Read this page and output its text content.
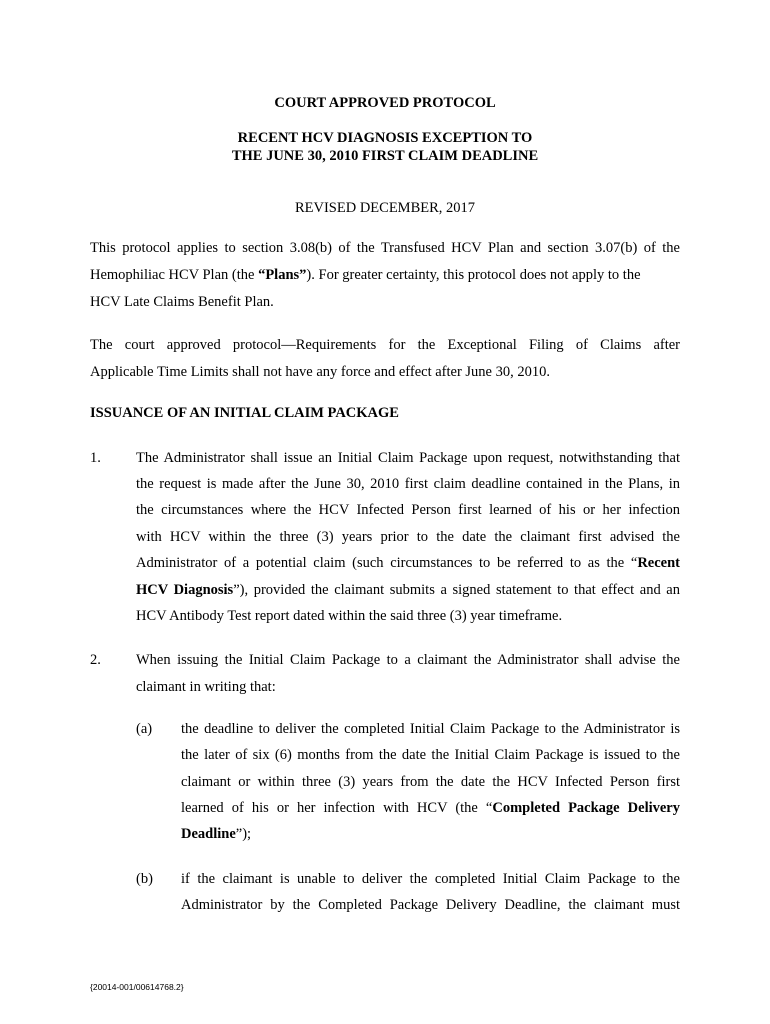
COURT APPROVED PROTOCOL
RECENT HCV DIAGNOSIS EXCEPTION TO
THE JUNE 30, 2010 FIRST CLAIM DEADLINE
REVISED DECEMBER, 2017
This protocol applies to section 3.08(b) of the Transfused HCV Plan and section 3.07(b) of the
Hemophiliac HCV Plan (the “Plans”). For greater certainty, this protocol does not apply to the
HCV Late Claims Benefit Plan.
The court approved protocol—Requirements for the Exceptional Filing of Claims after
Applicable Time Limits shall not have any force and effect after June 30, 2010.
ISSUANCE OF AN INITIAL CLAIM PACKAGE
1. The Administrator shall issue an Initial Claim Package upon request, notwithstanding that
the request is made after the June 30, 2010 first claim deadline contained in the Plans, in
the circumstances where the HCV Infected Person first learned of his or her infection
with HCV within the three (3) years prior to the date the claimant first advised the
Administrator of a potential claim (such circumstances to be referred to as the “Recent
HCV Diagnosis”), provided the claimant submits a signed statement to that effect and an
HCV Antibody Test report dated within the said three (3) year timeframe.
2. When issuing the Initial Claim Package to a claimant the Administrator shall advise the
claimant in writing that:
(a) the deadline to deliver the completed Initial Claim Package to the Administrator is
the later of six (6) months from the date the Initial Claim Package is issued to the
claimant or within three (3) years from the date the HCV Infected Person first
learned of his or her infection with HCV (the “Completed Package Delivery
Deadline”);
(b) if the claimant is unable to deliver the completed Initial Claim Package to the
Administrator by the Completed Package Delivery Deadline, the claimant must
{20014-001/00614768.2}
